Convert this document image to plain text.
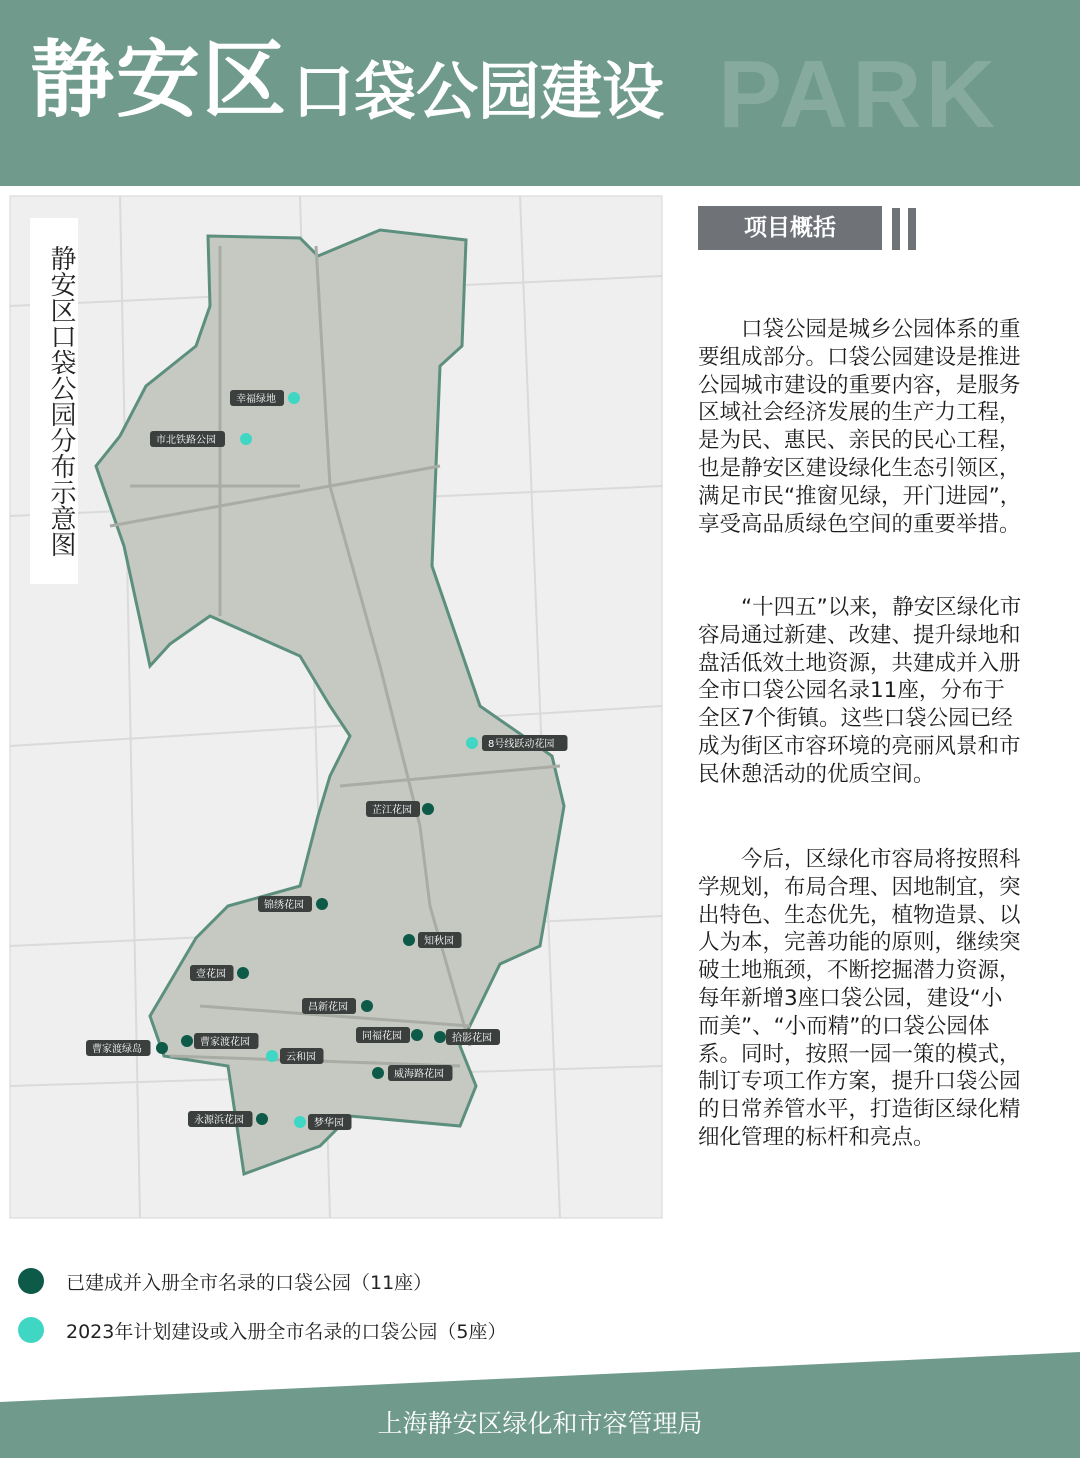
PARK
静安区 口袋公园建设
幸福绿地
市北铁路公园
8号线跃动花园
芷江花园
锦绣花园
知秋园
壹花园
昌新花园
同福花园	拾影花园
曹家渡绿岛
曹家渡花园
云和园
威海路花园
永源浜花园	梦华园
静安区口袋公园分布示意图
项目概括
口袋公园是城乡公园体系的重要组成部分。口袋公园建设是推进公园城市建设的重要内容，是服务区域社会经济发展的生产力工程，是为民、惠民、亲民的民心工程，也是静安区建设绿化生态引领区，满足市民“推窗见绿，开门进园”，享受高品质绿色空间的重要举措。
“十四五”以来，静安区绿化市容局通过新建、改建、提升绿地和盘活低效土地资源，共建成并入册全市口袋公园名录11座，分布于全区7个街镇。这些口袋公园已经成为街区市容环境的亮丽风景和市民休憩活动的优质空间。
今后，区绿化市容局将按照科学规划，布局合理、因地制宜，突出特色、生态优先，植物造景、以人为本，完善功能的原则，继续突破土地瓶颈，不断挖掘潜力资源，每年新增3座口袋公园，建设“小而美”、“小而精”的口袋公园体系。同时，按照一园一策的模式，制订专项工作方案，提升口袋公园的日常养管水平，打造街区绿化精细化管理的标杆和亮点。
已建成并入册全市名录的口袋公园（11座）
2023年计划建设或入册全市名录的口袋公园（5座）
上海静安区绿化和市容管理局
